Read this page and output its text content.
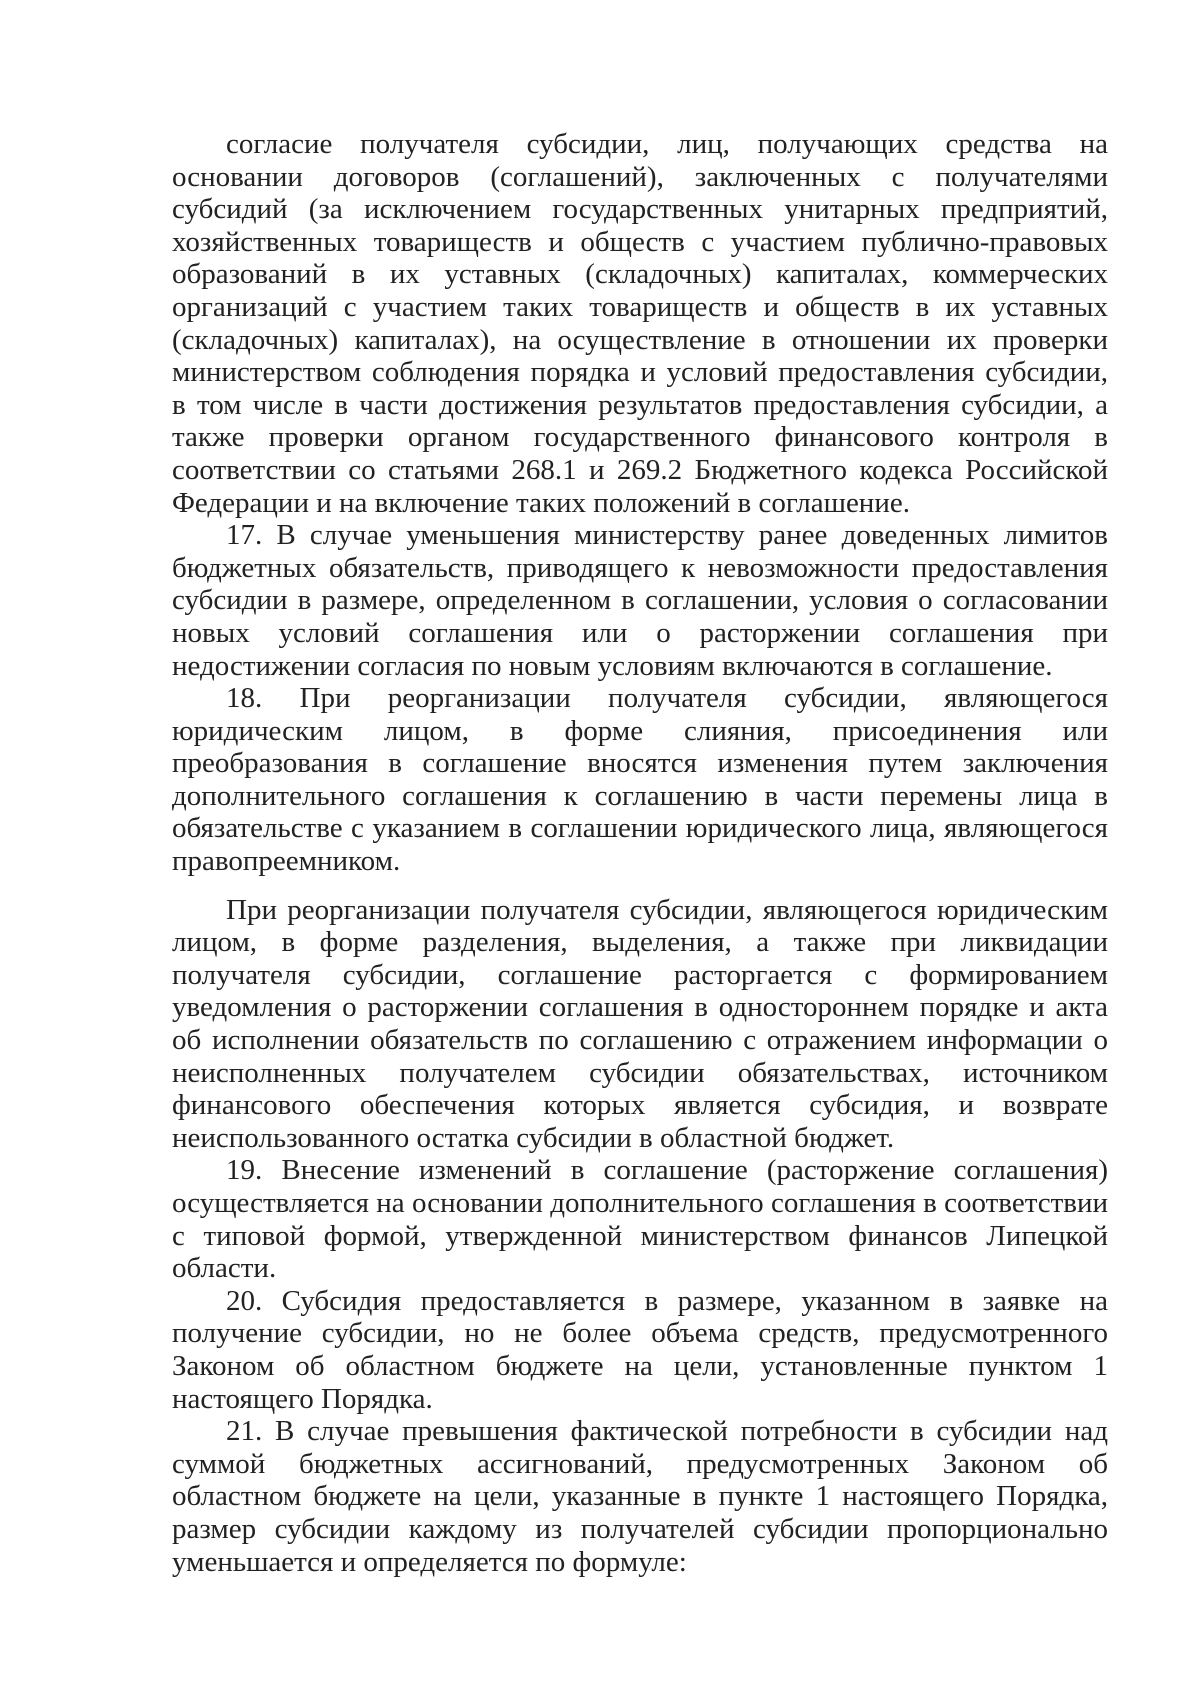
согласие получателя субсидии, лиц, получающих средства на основании договоров (соглашений), заключенных с получателями субсидий (за исключением государственных унитарных предприятий, хозяйственных товариществ и обществ с участием публично-правовых образований в их уставных (складочных) капиталах, коммерческих организаций с участием таких товариществ и обществ в их уставных (складочных) капиталах), на осуществление в отношении их проверки министерством соблюдения порядка и условий предоставления субсидии, в том числе в части достижения результатов предоставления субсидии, а также проверки органом государственного финансового контроля в соответствии со статьями 268.1 и 269.2 Бюджетного кодекса Российской Федерации и на включение таких положений в соглашение.

17. В случае уменьшения министерству ранее доведенных лимитов бюджетных обязательств, приводящего к невозможности предоставления субсидии в размере, определенном в соглашении, условия о согласовании новых условий соглашения или о расторжении соглашения при недостижении согласия по новым условиям включаются в соглашение.

18. При реорганизации получателя субсидии, являющегося юридическим лицом, в форме слияния, присоединения или преобразования в соглашение вносятся изменения путем заключения дополнительного соглашения к соглашению в части перемены лица в обязательстве с указанием в соглашении юридического лица, являющегося правопреемником.

При реорганизации получателя субсидии, являющегося юридическим лицом, в форме разделения, выделения, а также при ликвидации получателя субсидии, соглашение расторгается с формированием уведомления о расторжении соглашения в одностороннем порядке и акта об исполнении обязательств по соглашению с отражением информации о неисполненных получателем субсидии обязательствах, источником финансового обеспечения которых является субсидия, и возврате неиспользованного остатка субсидии в областной бюджет.

19. Внесение изменений в соглашение (расторжение соглашения) осуществляется на основании дополнительного соглашения в соответствии с типовой формой, утвержденной министерством финансов Липецкой области.

20. Субсидия предоставляется в размере, указанном в заявке на получение субсидии, но не более объема средств, предусмотренного Законом об областном бюджете на цели, установленные пунктом 1 настоящего Порядка.

21. В случае превышения фактической потребности в субсидии над суммой бюджетных ассигнований, предусмотренных Законом об областном бюджете на цели, указанные в пункте 1 настоящего Порядка, размер субсидии каждому из получателей субсидии пропорционально уменьшается и определяется по формуле:
